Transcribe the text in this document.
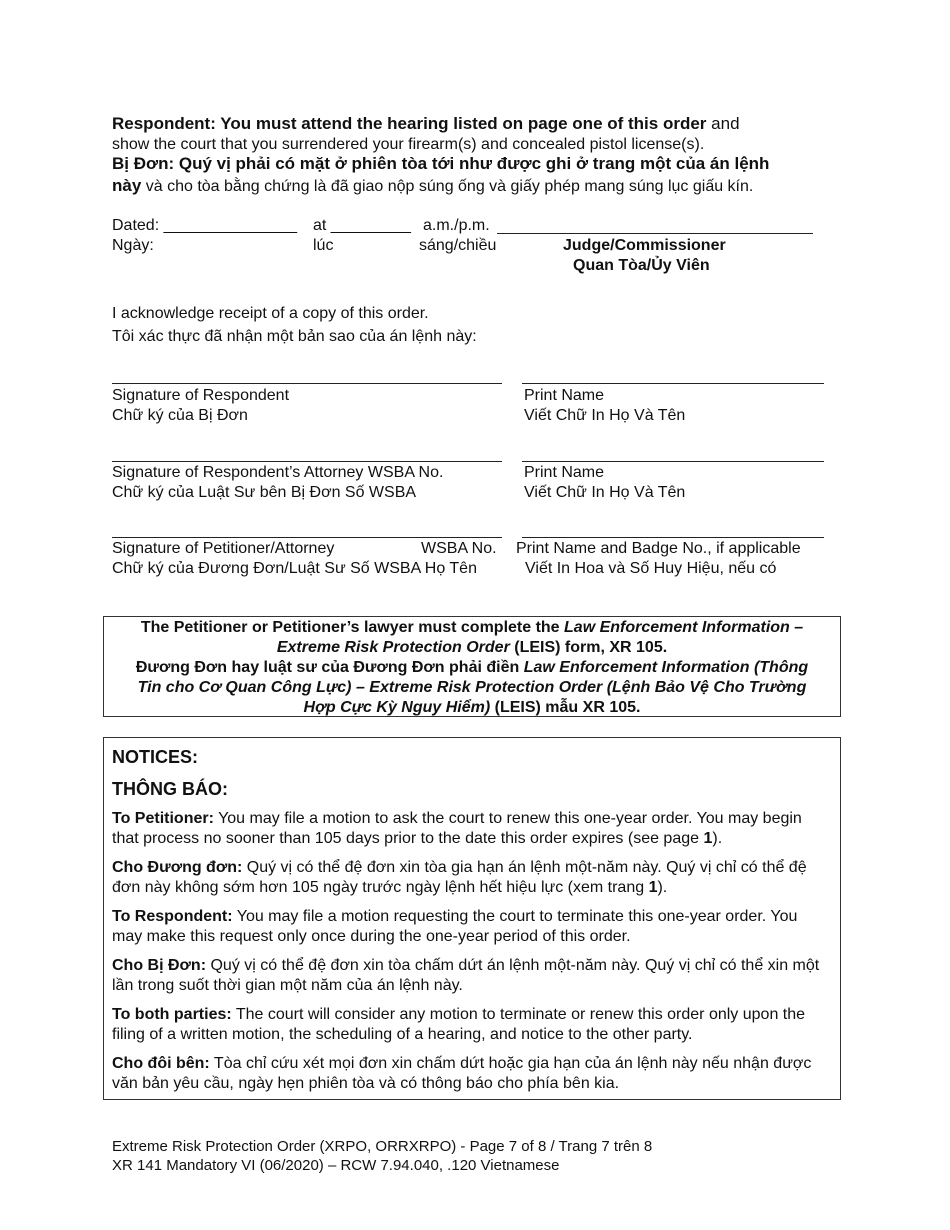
Respondent: You must attend the hearing listed on page one of this order and
show the court that you surrendered your firearm(s) and concealed pistol license(s).
Bị Đơn: Quý vị phải có mặt ở phiên tòa tới như được ghi ở trang một của án lệnh
này và cho tòa bằng chứng là đã giao nộp súng ống và giấy phép mang súng lục giấu kín.
Dated: _______________ at _________ a.m./p.m.
Ngày:	lúc	sáng/chiều	Judge/Commissioner
Quan Tòa/Ủy Viên
I acknowledge receipt of a copy of this order.
Tôi xác thực đã nhận một bản sao của án lệnh này:
Signature of Respondent
Chữ ký của Bị Đơn
Print Name
Viết Chữ In Họ Và Tên
Signature of Respondent’s Attorney WSBA No.
Chữ ký của Luật Sư bên Bị Đơn Số WSBA
Print Name
Viết Chữ In Họ Và Tên
Signature of Petitioner/Attorney	WSBA No.
Chữ ký của Đương Đơn/Luật Sư Số WSBA Họ Tên
Print Name and Badge No., if applicable
Viết In Hoa và Số Huy Hiệu, nếu có
The Petitioner or Petitioner’s lawyer must complete the Law Enforcement Information –
Extreme Risk Protection Order (LEIS) form, XR 105.
Đương Đơn hay luật sư của Đương Đơn phải điền Law Enforcement Information (Thông
Tin cho Cơ Quan Công Lực) – Extreme Risk Protection Order (Lệnh Bảo Vệ Cho Trường
Hợp Cực Kỳ Nguy Hiểm) (LEIS) mẫu XR 105.
NOTICES:
THÔNG BÁO:

To Petitioner: You may file a motion to ask the court to renew this one-year order. You may begin that process no sooner than 105 days prior to the date this order expires (see page 1).

Cho Đương đơn: Quý vị có thể đệ đơn xin tòa gia hạn án lệnh một-năm này. Quý vị chỉ có thể đệ đơn này không sớm hơn 105 ngày trước ngày lệnh hết hiệu lực (xem trang 1).

To Respondent: You may file a motion requesting the court to terminate this one-year order. You may make this request only once during the one-year period of this order.

Cho Bị Đơn: Quý vị có thể đệ đơn xin tòa chấm dứt án lệnh một-năm này. Quý vị chỉ có thể xin một lần trong suốt thời gian một năm của án lệnh này.

To both parties: The court will consider any motion to terminate or renew this order only upon the filing of a written motion, the scheduling of a hearing, and notice to the other party.

Cho đôi bên: Tòa chỉ cứu xét mọi đơn xin chấm dứt hoặc gia hạn của án lệnh này nếu nhận được văn bản yêu cầu, ngày hẹn phiên tòa và có thông báo cho phía bên kia.

Extreme Risk Protection Order (XRPO, ORRXRPO) - Page 7 of 8 / Trang 7 trên 8
XR 141 Mandatory VI (06/2020) – RCW 7.94.040, .120 Vietnamese
